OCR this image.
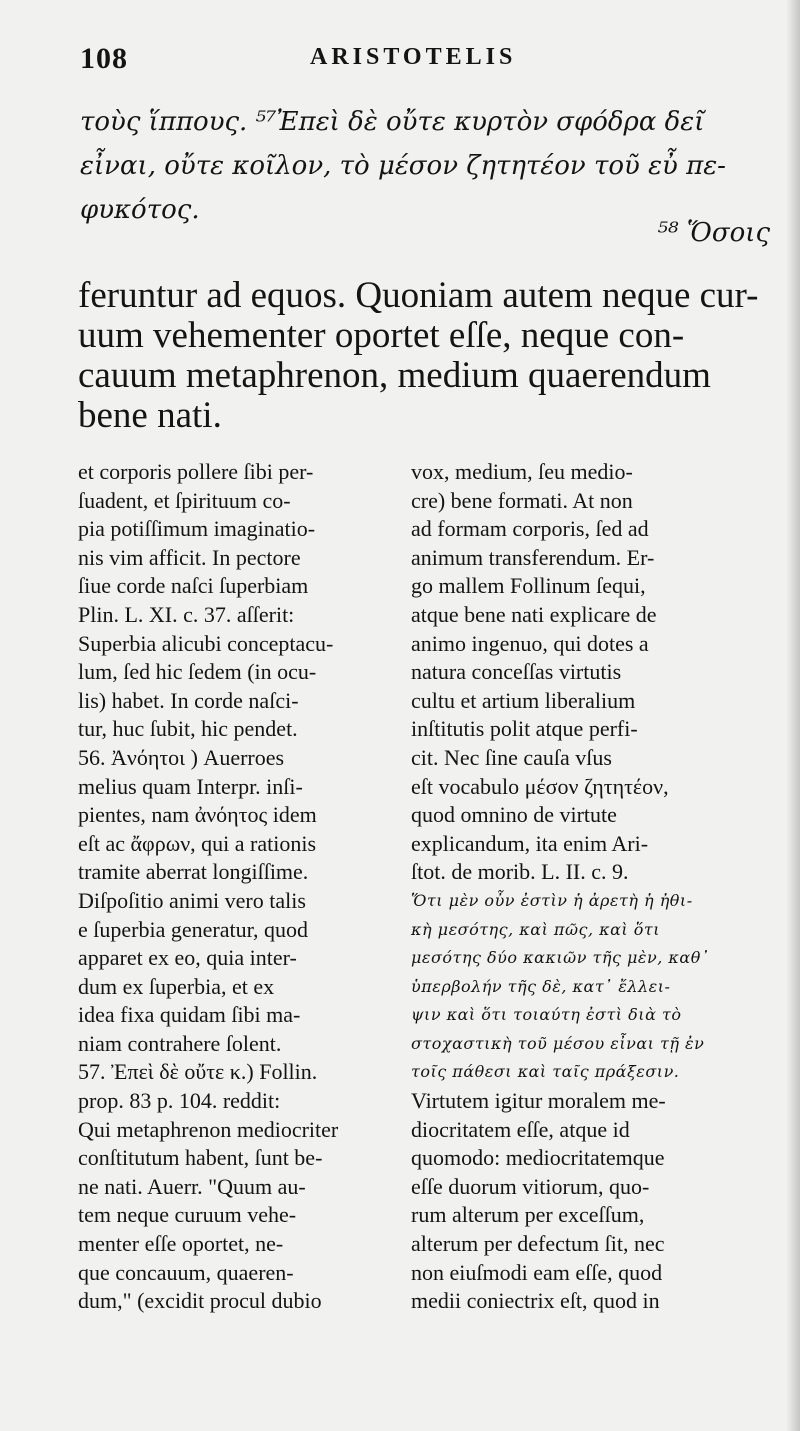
108	ARISTOTELIS
τοὺς ἵππους. ⁵⁷Ἐπεὶ δὲ οὔτε κυρτὸν σφόδρα δεῖ
εἶναι, οὔτε κοῖλον, τὸ μέσον ζητητέον τοῦ εὖ πε-
φυκότος.
⁵⁸ Ὅσοις
feruntur ad equos. Quoniam autem neque cur-
uum vehementer oportet eſſe, neque con-
cauum metaphrenon, medium quaerendum
bene nati.
et corporis pollere ſibi per-
ſuadent, et ſpirituum co-
pia potiſſimum imaginatio-
nis vim afficit. In pectore
ſiue corde naſci ſuperbiam
Plin. L. XI. c. 37. aſſerit:
Superbia alicubi conceptacu-
lum, ſed hic ſedem (in ocu-
lis) habet. In corde naſci-
tur, huc ſubit, hic pendet.
56. Ἀνόητοι ) Auerroes
melius quam Interpr. inſi-
pientes, nam ἀνόητος idem
eſt ac ἄφρων, qui a rationis
tramite aberrat longiſſime.
Diſpoſitio animi vero talis
e ſuperbia generatur, quod
apparet ex eo, quia inter-
dum ex ſuperbia, et ex
idea fixa quidam ſibi ma-
niam contrahere ſolent.
57. Ἐπεὶ δὲ οὔτε κ.) Follin.
prop. 83 p. 104. reddit:
Qui metaphrenon mediocriter
conſtitutum habent, ſunt be-
ne nati. Auerr. "Quum au-
tem neque curuum vehe-
menter eſſe oportet, ne-
que concauum, quaeren-
dum," (excidit procul dubio
vox, medium, ſeu medio-
cre) bene formati. At non
ad formam corporis, ſed ad
animum transferendum. Er-
go mallem Follinum ſequi,
atque bene nati explicare de
animo ingenuo, qui dotes a
natura conceſſas virtutis
cultu et artium liberalium
inſtitutis polit atque perfi-
cit. Nec ſine cauſa vſus
eſt vocabulo μέσον ζητητέον,
quod omnino de virtute
explicandum, ita enim Ari-
ſtot. de morib. L. II. c. 9.
Ὅτι μὲν οὖν ἐστὶν ἡ ἀρετὴ ἡ ἠθι-
κὴ μεσότης, καὶ πῶς, καὶ ὅτι
μεσότης δύο κακιῶν τῆς μὲν, καθ᾽
ὑπερβολήν τῆς δὲ, κατ᾽ ἔλλει-
ψιν καὶ ὅτι τοιαύτη ἐστὶ διὰ τὸ
στοχαστικὴ τοῦ μέσου εἶναι τῇ ἐν
τοῖς πάθεσι καὶ ταῖς πράξεσιν.
Virtutem igitur moralem me-
diocritatem eſſe, atque id
quomodo: mediocritatemque
eſſe duorum vitiorum, quo-
rum alterum per exceſſum,
alterum per defectum ſit, nec
non eiuſmodi eam eſſe, quod
medii coniectrix eſt, quod in
